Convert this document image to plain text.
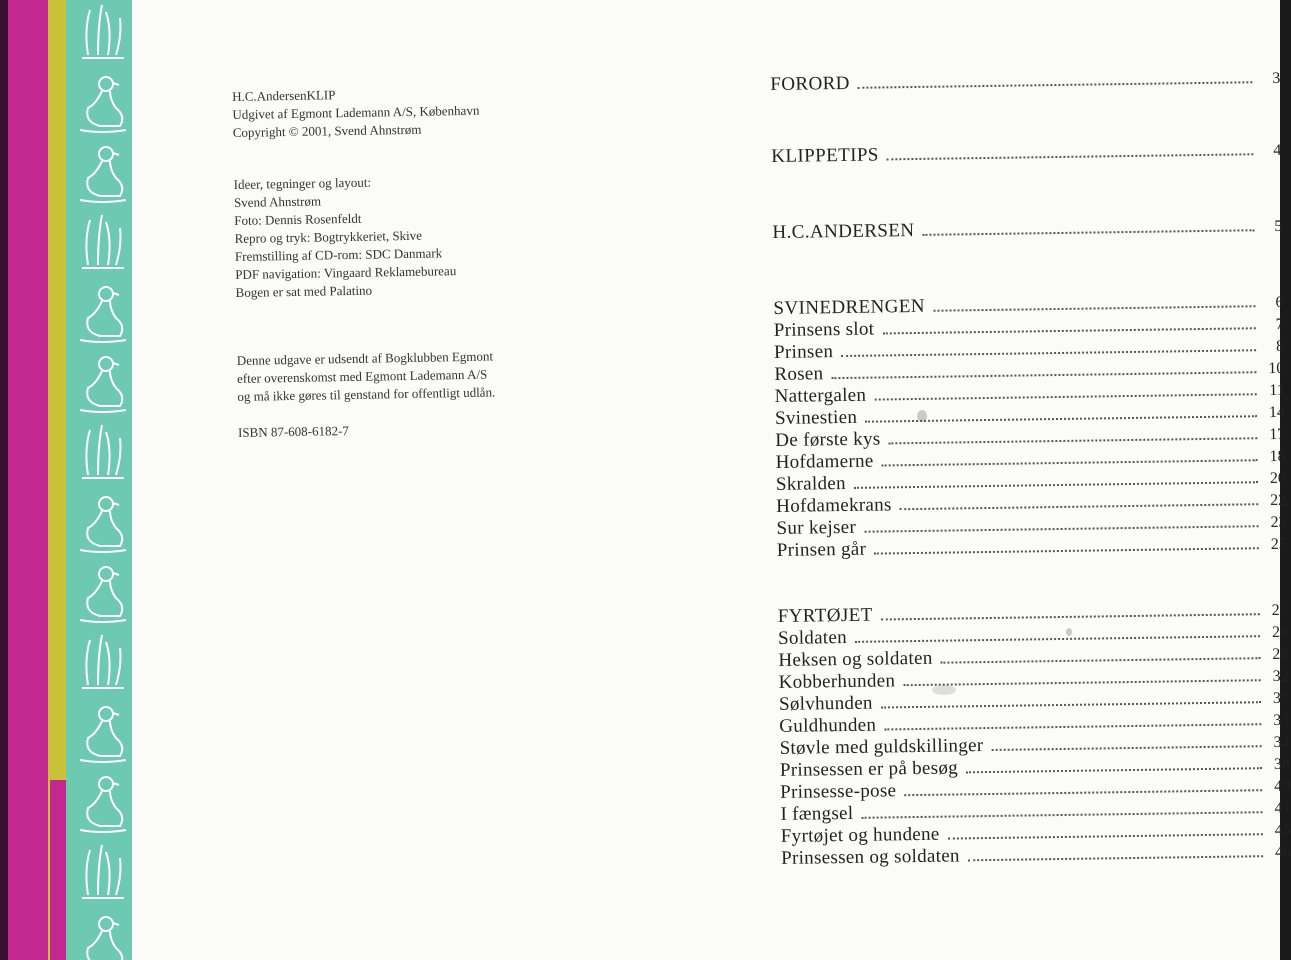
H.C.AndersenKLIP

Udgivet af Egmont Lademann A/S, København

Copyright © 2001, Svend Ahnstrøm

Ideer, tegninger og layout:

Svend Ahnstrøm

Foto: Dennis Rosenfeldt

Repro og tryk: Bogtrykkeriet, Skive

Fremstilling af CD-rom: SDC Danmark

PDF navigation: Vingaard Reklamebureau

Bogen er sat med Palatino

Denne udgave er udsendt af Bogklubben Egmont

efter overenskomst med Egmont Lademann A/S

og må ikke gøres til genstand for offentligt udlån.

ISBN 87-608-6182-7

FORORD	3
KLIPPETIPS	4
H.C.ANDERSEN	5
SVINEDRENGEN	6
Prinsens slot	7
Prinsen	8
Rosen	10
Nattergalen	11
Svinestien	14
De første kys	17
Hofdamerne	18
Skralden	20
Hofdamekrans	22
Sur kejser	23
Prinsen går	25
FYRTØJET	26
Soldaten	26
Heksen og soldaten	28
Kobberhunden	32
Sølvhunden	32
Guldhunden	33
Støvle med guldskillinger	34
Prinsessen er på besøg	38
Prinsesse-pose	40
I fængsel	41
Fyrtøjet og hundene	45
Prinsessen og soldaten	46
